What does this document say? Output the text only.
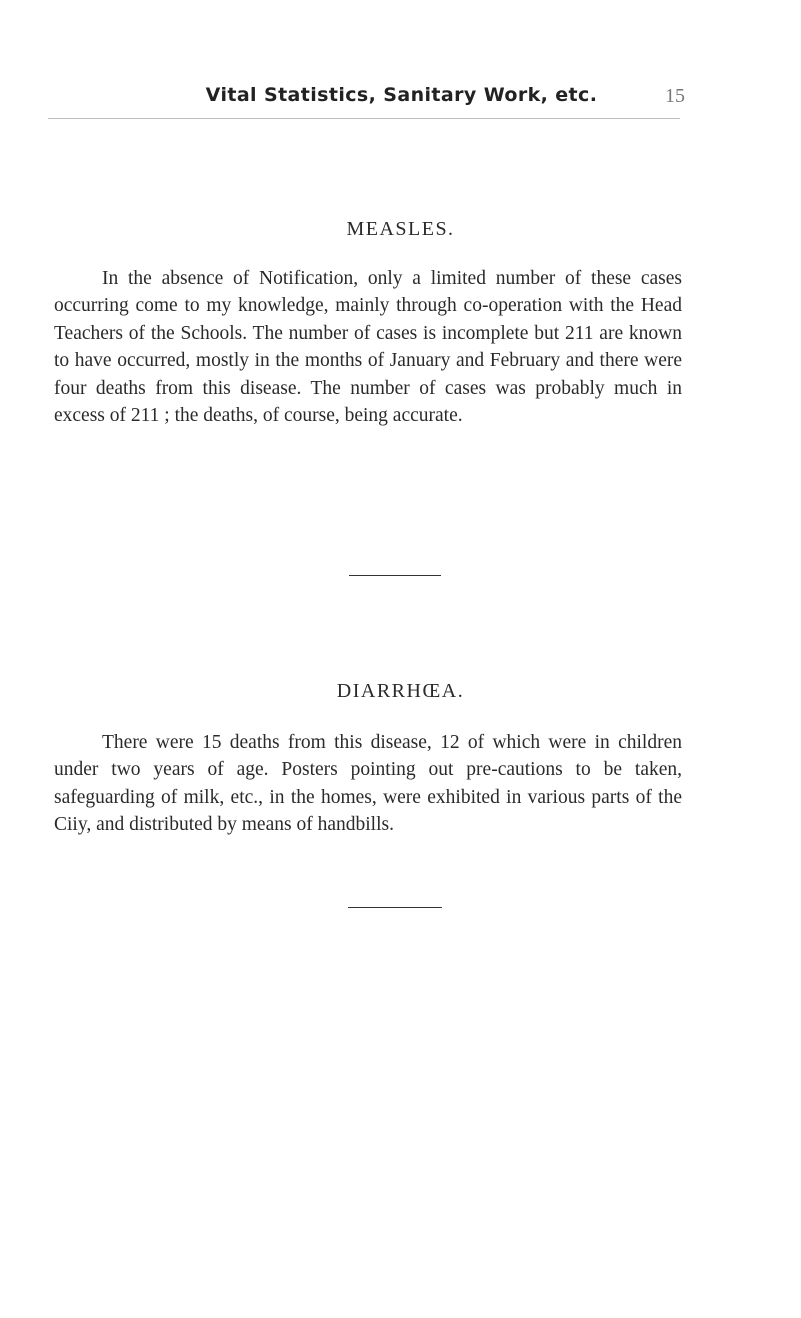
Vital Statistics, Sanitary Work, etc.	15
MEASLES.

In the absence of Notification, only a limited number of these cases occurring come to my knowledge, mainly through co-operation with the Head Teachers of the Schools. The number of cases is incomplete but 211 are known to have occurred, mostly in the months of January and February and there were four deaths from this disease. The number of cases was probably much in excess of 211 ; the deaths, of course, being accurate.

DIARRHŒA.

There were 15 deaths from this disease, 12 of which were in children under two years of age. Posters pointing out pre-cautions to be taken, safeguarding of milk, etc., in the homes, were exhibited in various parts of the Ciiy, and distributed by means of handbills.
